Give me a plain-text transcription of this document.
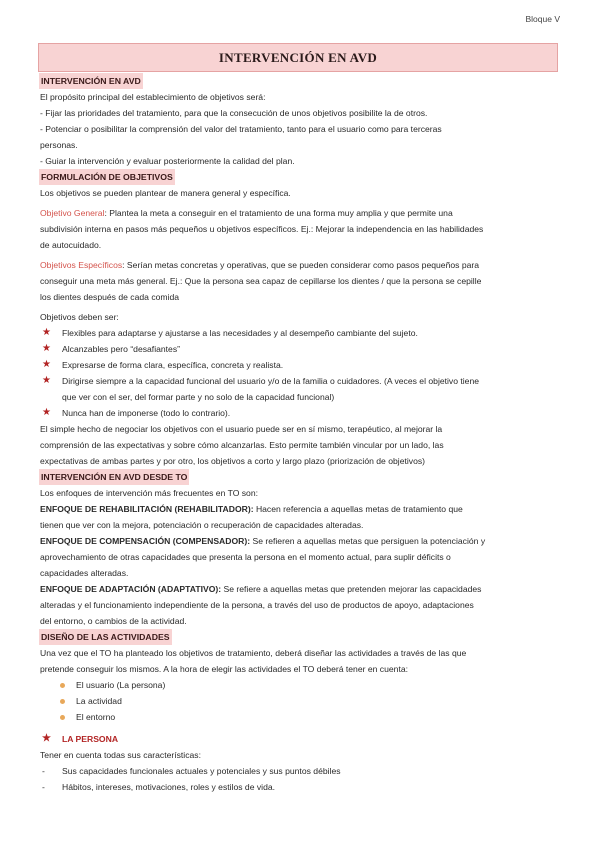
Bloque V
INTERVENCIÓN EN AVD
INTERVENCIÓN EN AVD

El propósito principal del establecimiento de objetivos será:

- Fijar las prioridades del tratamiento, para que la consecución de unos objetivos posibilite la de otros.

- Potenciar o posibilitar la comprensión del valor del tratamiento, tanto para el usuario como para terceras

personas.

- Guiar la intervención y evaluar posteriormente la calidad del plan.

FORMULACIÓN DE OBJETIVOS

Los objetivos se pueden plantear de manera general y específica.

Objetivo General: Plantea la meta a conseguir en el tratamiento de una forma muy amplia y que permite una

subdivisión interna en pasos más pequeños u objetivos específicos. Ej.: Mejorar la independencia en las habilidades

de autocuidado.

Objetivos Específicos: Serían metas concretas y operativas, que se pueden considerar como pasos pequeños para

conseguir una meta más general. Ej.: Que la persona sea capaz de cepillarse los dientes / que la persona se cepille

los dientes después de cada comida

Objetivos deben ser:

★ Flexibles para adaptarse y ajustarse a las necesidades y al desempeño cambiante del sujeto.
★ Alcanzables pero “desafiantes”
★ Expresarse de forma clara, específica, concreta y realista.
★ Dirigirse siempre a la capacidad funcional del usuario y/o de la familia o cuidadores. (A veces el objetivo tiene
que ver con el ser, del formar parte y no solo de la capacidad funcional)
★ Nunca han de imponerse (todo lo contrario).

El simple hecho de negociar los objetivos con el usuario puede ser en sí mismo, terapéutico, al mejorar la

comprensión de las expectativas y sobre cómo alcanzarlas. Esto permite también vincular por un lado, las

expectativas de ambas partes y por otro, los objetivos a corto y largo plazo (priorización de objetivos)

INTERVENCIÓN EN AVD DESDE TO

Los enfoques de intervención más frecuentes en TO son:

ENFOQUE DE REHABILITACIÓN (REHABILITADOR): Hacen referencia a aquellas metas de tratamiento que

tienen que ver con la mejora, potenciación o recuperación de capacidades alteradas.

ENFOQUE DE COMPENSACIÓN (COMPENSADOR): Se refieren a aquellas metas que persiguen la potenciación y

aprovechamiento de otras capacidades que presenta la persona en el momento actual, para suplir déficits o

capacidades alteradas.

ENFOQUE DE ADAPTACIÓN (ADAPTATIVO): Se refiere a aquellas metas que pretenden mejorar las capacidades

alteradas y el funcionamiento independiente de la persona, a través del uso de productos de apoyo, adaptaciones

del entorno, o cambios de la actividad.

DISEÑO DE LAS ACTIVIDADES

Una vez que el TO ha planteado los objetivos de tratamiento, deberá diseñar las actividades a través de las que

pretende conseguir los mismos. A la hora de elegir las actividades el TO deberá tener en cuenta:

El usuario (La persona)
La actividad
El entorno
★ LA PERSONA

Tener en cuenta todas sus características:

- Sus capacidades funcionales actuales y potenciales y sus puntos débiles
- Hábitos, intereses, motivaciones, roles y estilos de vida.
